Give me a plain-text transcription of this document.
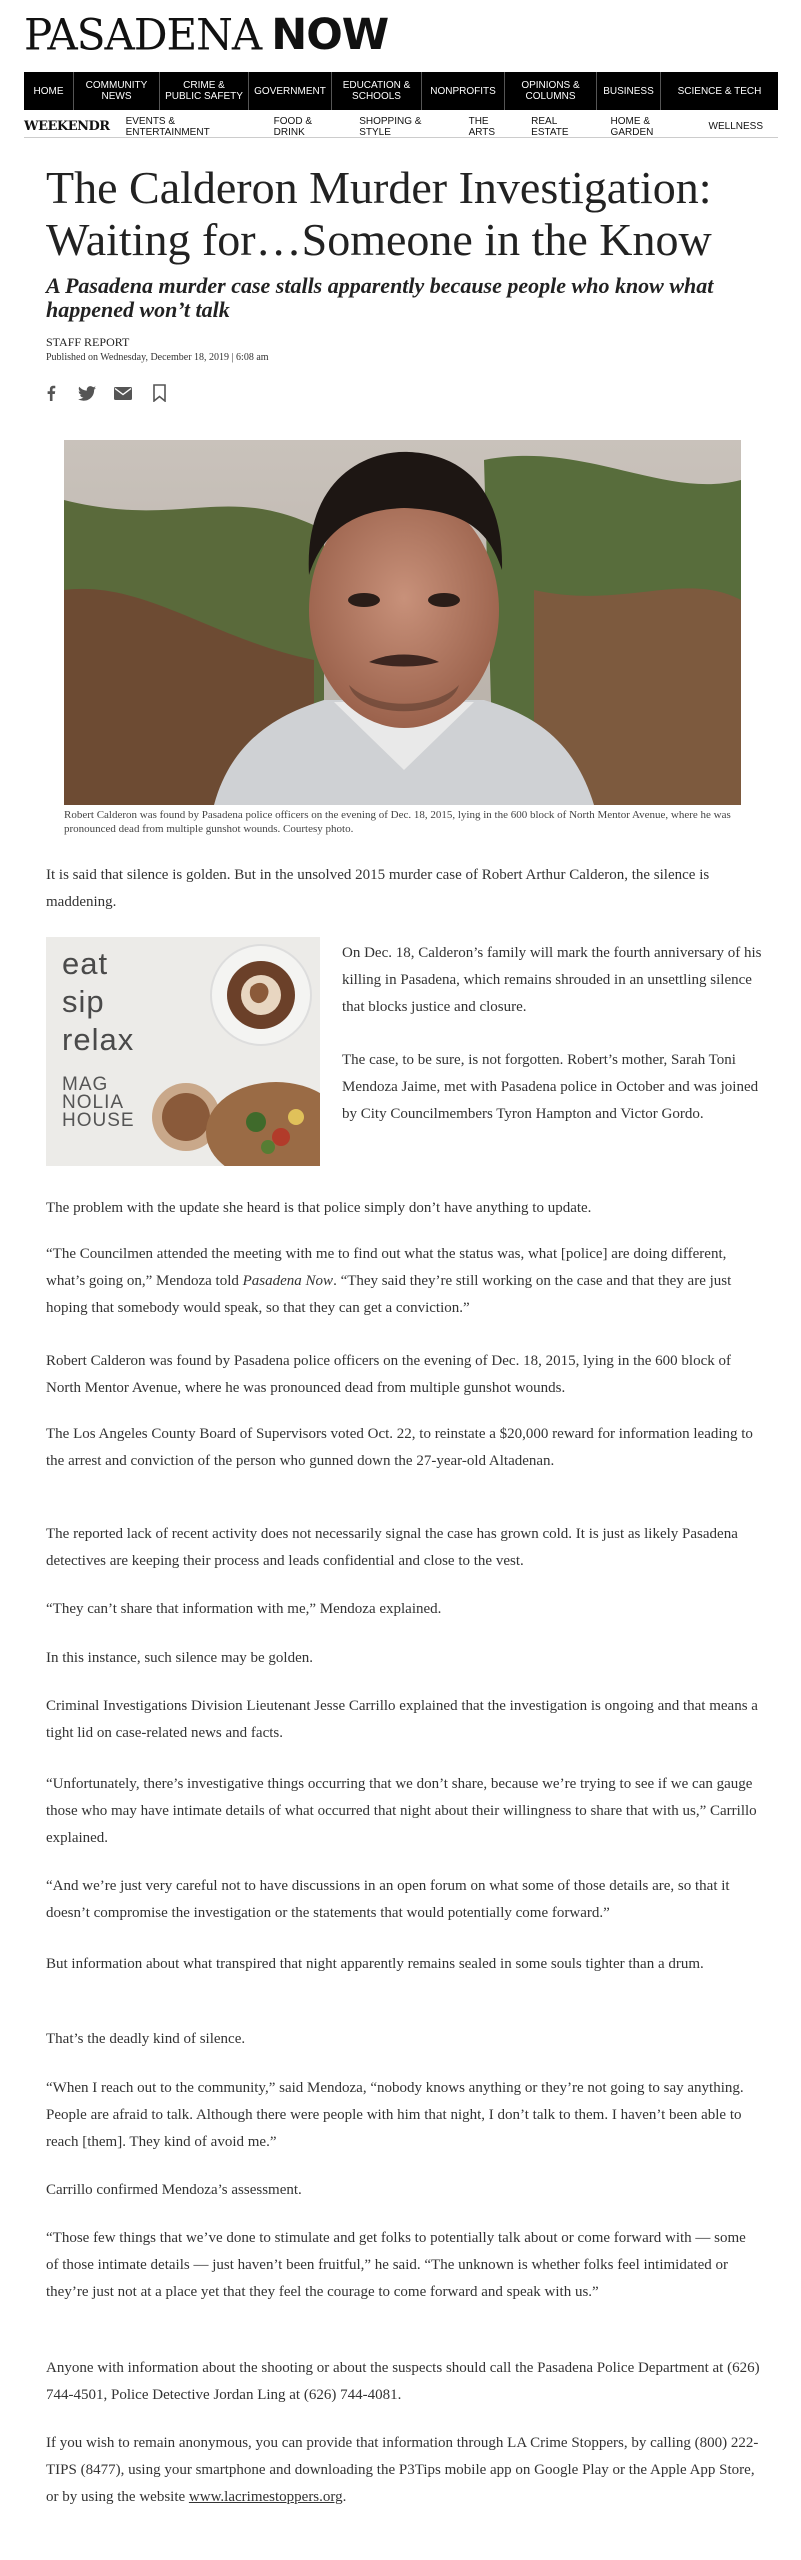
PASADENA NOW
HOME	COMMUNITY NEWS
CRIME & PUBLIC SAFETY	GOVERNMENT	EDUCATION & SCHOOLS	NONPROFITS	OPINIONS & COLUMNS	BUSINESS	SCIENCE & TECH
WEEKENDR EVENTS & ENTERTAINMENT
FOOD & DRINK
SHOPPING & STYLE
THE ARTS
REAL ESTATE
HOME & GARDEN	WELLNESS
The Calderon Murder Investigation: Waiting for…Someone in the Know
A Pasadena murder case stalls apparently because people who know what happened won’t talk
STAFF REPORT
Published on Wednesday, December 18, 2019 | 6:08 am
Robert Calderon was found by Pasadena police officers on the evening of Dec. 18, 2015, lying in the 600 block of North Mentor Avenue, where he was pronounced dead from multiple gunshot wounds. Courtesy photo.

It is said that silence is golden. But in the unsolved 2015 murder case of Robert Arthur Calderon, the silence is maddening.

eat
sip
relax
MAG
NOLIA
HOUSE

On Dec. 18, Calderon’s family will mark the fourth anniversary of his killing in Pasadena, which remains shrouded in an unsettling silence that blocks justice and closure.

The case, to be sure, is not forgotten. Robert’s mother, Sarah Toni Mendoza Jaime, met with Pasadena police in October and was joined by City Councilmembers Tyron Hampton and Victor Gordo.

The problem with the update she heard is that police simply don’t have anything to update.

“The Councilmen attended the meeting with me to find out what the status was, what [police] are doing different, what’s going on,” Mendoza told Pasadena Now. “They said they’re still working on the case and that they are just hoping that somebody would speak, so that they can get a conviction.”

Robert Calderon was found by Pasadena police officers on the evening of Dec. 18, 2015, lying in the 600 block of North Mentor Avenue, where he was pronounced dead from multiple gunshot wounds.

The Los Angeles County Board of Supervisors voted Oct. 22, to reinstate a $20,000 reward for information leading to the arrest and conviction of the person who gunned down the 27-year-old Altadenan.

The reported lack of recent activity does not necessarily signal the case has grown cold. It is just as likely Pasadena detectives are keeping their process and leads confidential and close to the vest.

“They can’t share that information with me,” Mendoza explained.

In this instance, such silence may be golden.

Criminal Investigations Division Lieutenant Jesse Carrillo explained that the investigation is ongoing and that means a tight lid on case-related news and facts.

“Unfortunately, there’s investigative things occurring that we don’t share, because we’re trying to see if we can gauge those who may have intimate details of what occurred that night about their willingness to share that with us,” Carrillo explained.

“And we’re just very careful not to have discussions in an open forum on what some of those details are, so that it doesn’t compromise the investigation or the statements that would potentially come forward.”

But information about what transpired that night apparently remains sealed in some souls tighter than a drum.

That’s the deadly kind of silence.

“When I reach out to the community,” said Mendoza, “nobody knows anything or they’re not going to say anything. People are afraid to talk. Although there were people with him that night, I don’t talk to them. I haven’t been able to reach [them]. They kind of avoid me.”

Carrillo confirmed Mendoza’s assessment.

“Those few things that we’ve done to stimulate and get folks to potentially talk about or come forward with — some of those intimate details — just haven’t been fruitful,” he said. “The unknown is whether folks feel intimidated or they’re just not at a place yet that they feel the courage to come forward and speak with us.”

Anyone with information about the shooting or about the suspects should call the Pasadena Police Department at (626) 744-4501, Police Detective Jordan Ling at (626) 744-4081.

If you wish to remain anonymous, you can provide that information through LA Crime Stoppers, by calling (800) 222-TIPS (8477), using your smartphone and downloading the P3Tips mobile app on Google Play or the Apple App Store, or by using the website www.lacrimestoppers.org.
